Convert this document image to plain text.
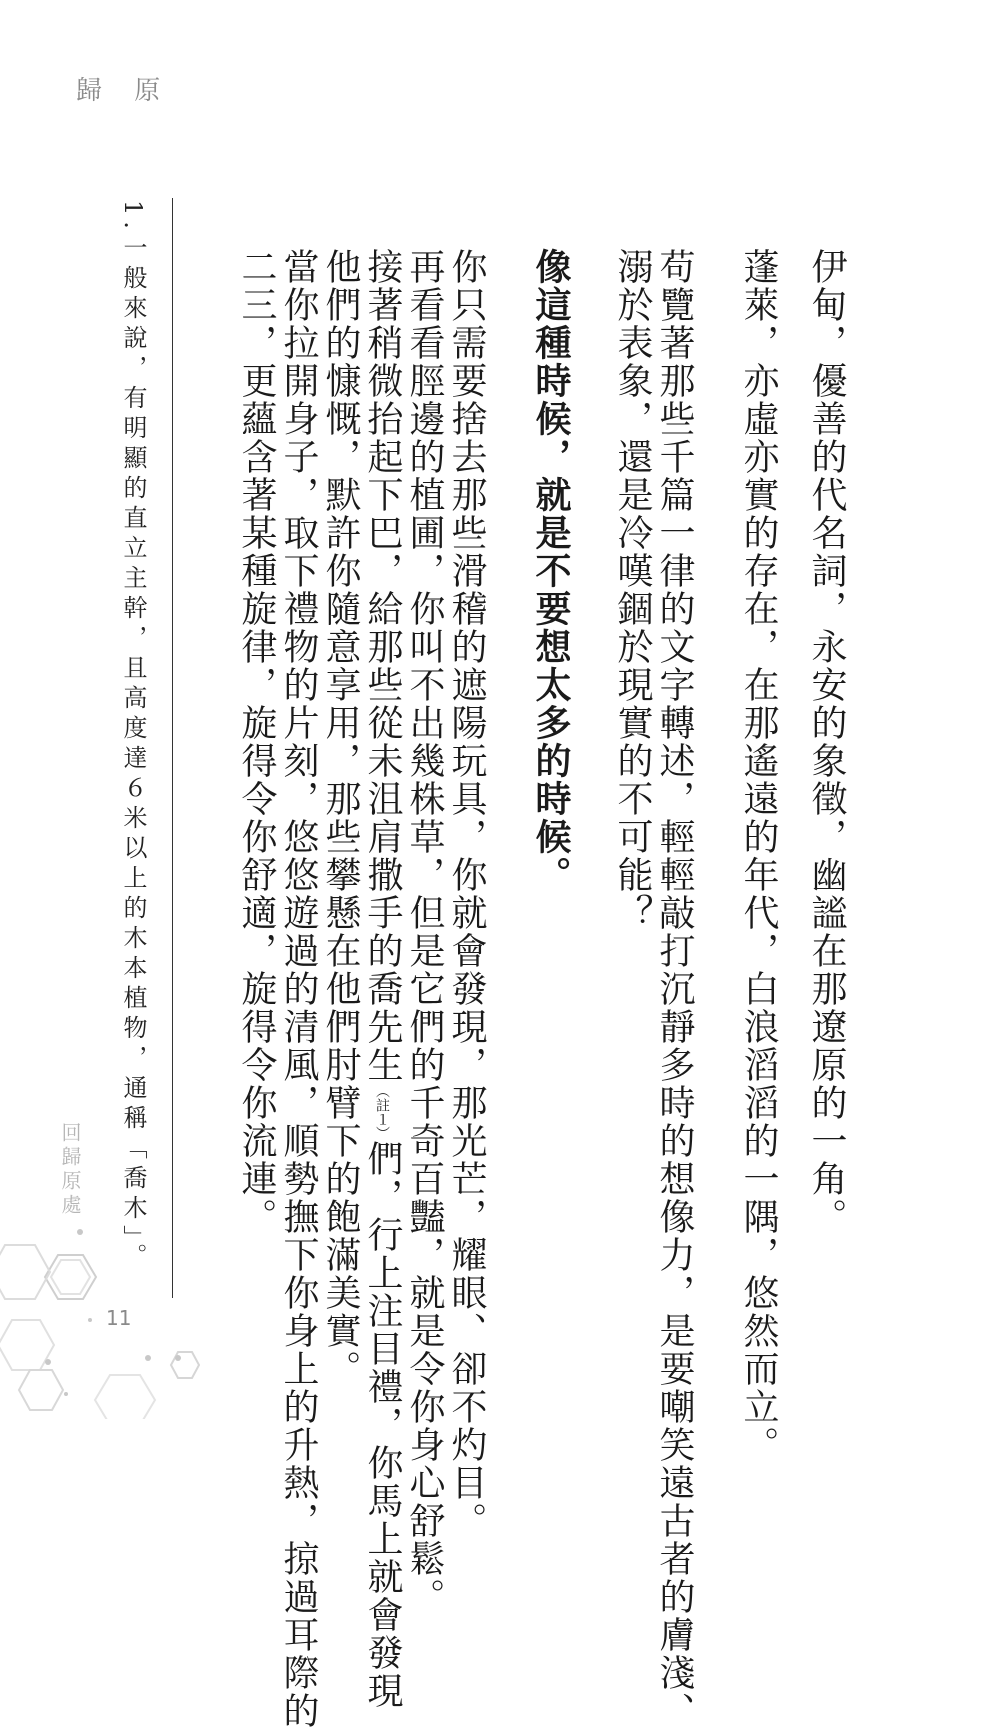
歸 原
伊甸，優善的代名詞，永安的象徵，幽謐在那遼原的一角。
蓬萊，亦虛亦實的存在，在那遙遠的年代，白浪滔滔的一隅，悠然而立。
苟覽著那些千篇一律的文字轉述，輕輕敲打沉靜多時的想像力，是要嘲笑遠古者的膚淺、
溺於表象，還是冷嘆錮於現實的不可能？
像這種時候，就是不要想太多的時候。
你只需要捨去那些滑稽的遮陽玩具，你就會發現，那光芒，耀眼、卻不灼目。
再看看脛邊的植圃，你叫不出幾株草，但是它們的千奇百豔，就是令你身心舒鬆。
接著稍微抬起下巴，給那些從未沮肩撒手的喬先生（註１）們，行上注目禮，你馬上就會發現
他們的慷慨，默許你隨意享用，那些攀懸在他們肘臂下的飽滿美實。
當你拉開身子，取下禮物的片刻，悠悠遊過的清風，順勢撫下你身上的升熱，掠過耳際的
二三，更蘊含著某種旋律，旋得令你舒適，旋得令你流連。
1.一般來說，有明顯的直立主幹，且高度達６米以上的木本植物，通稱「喬木」。
回歸原處
11
